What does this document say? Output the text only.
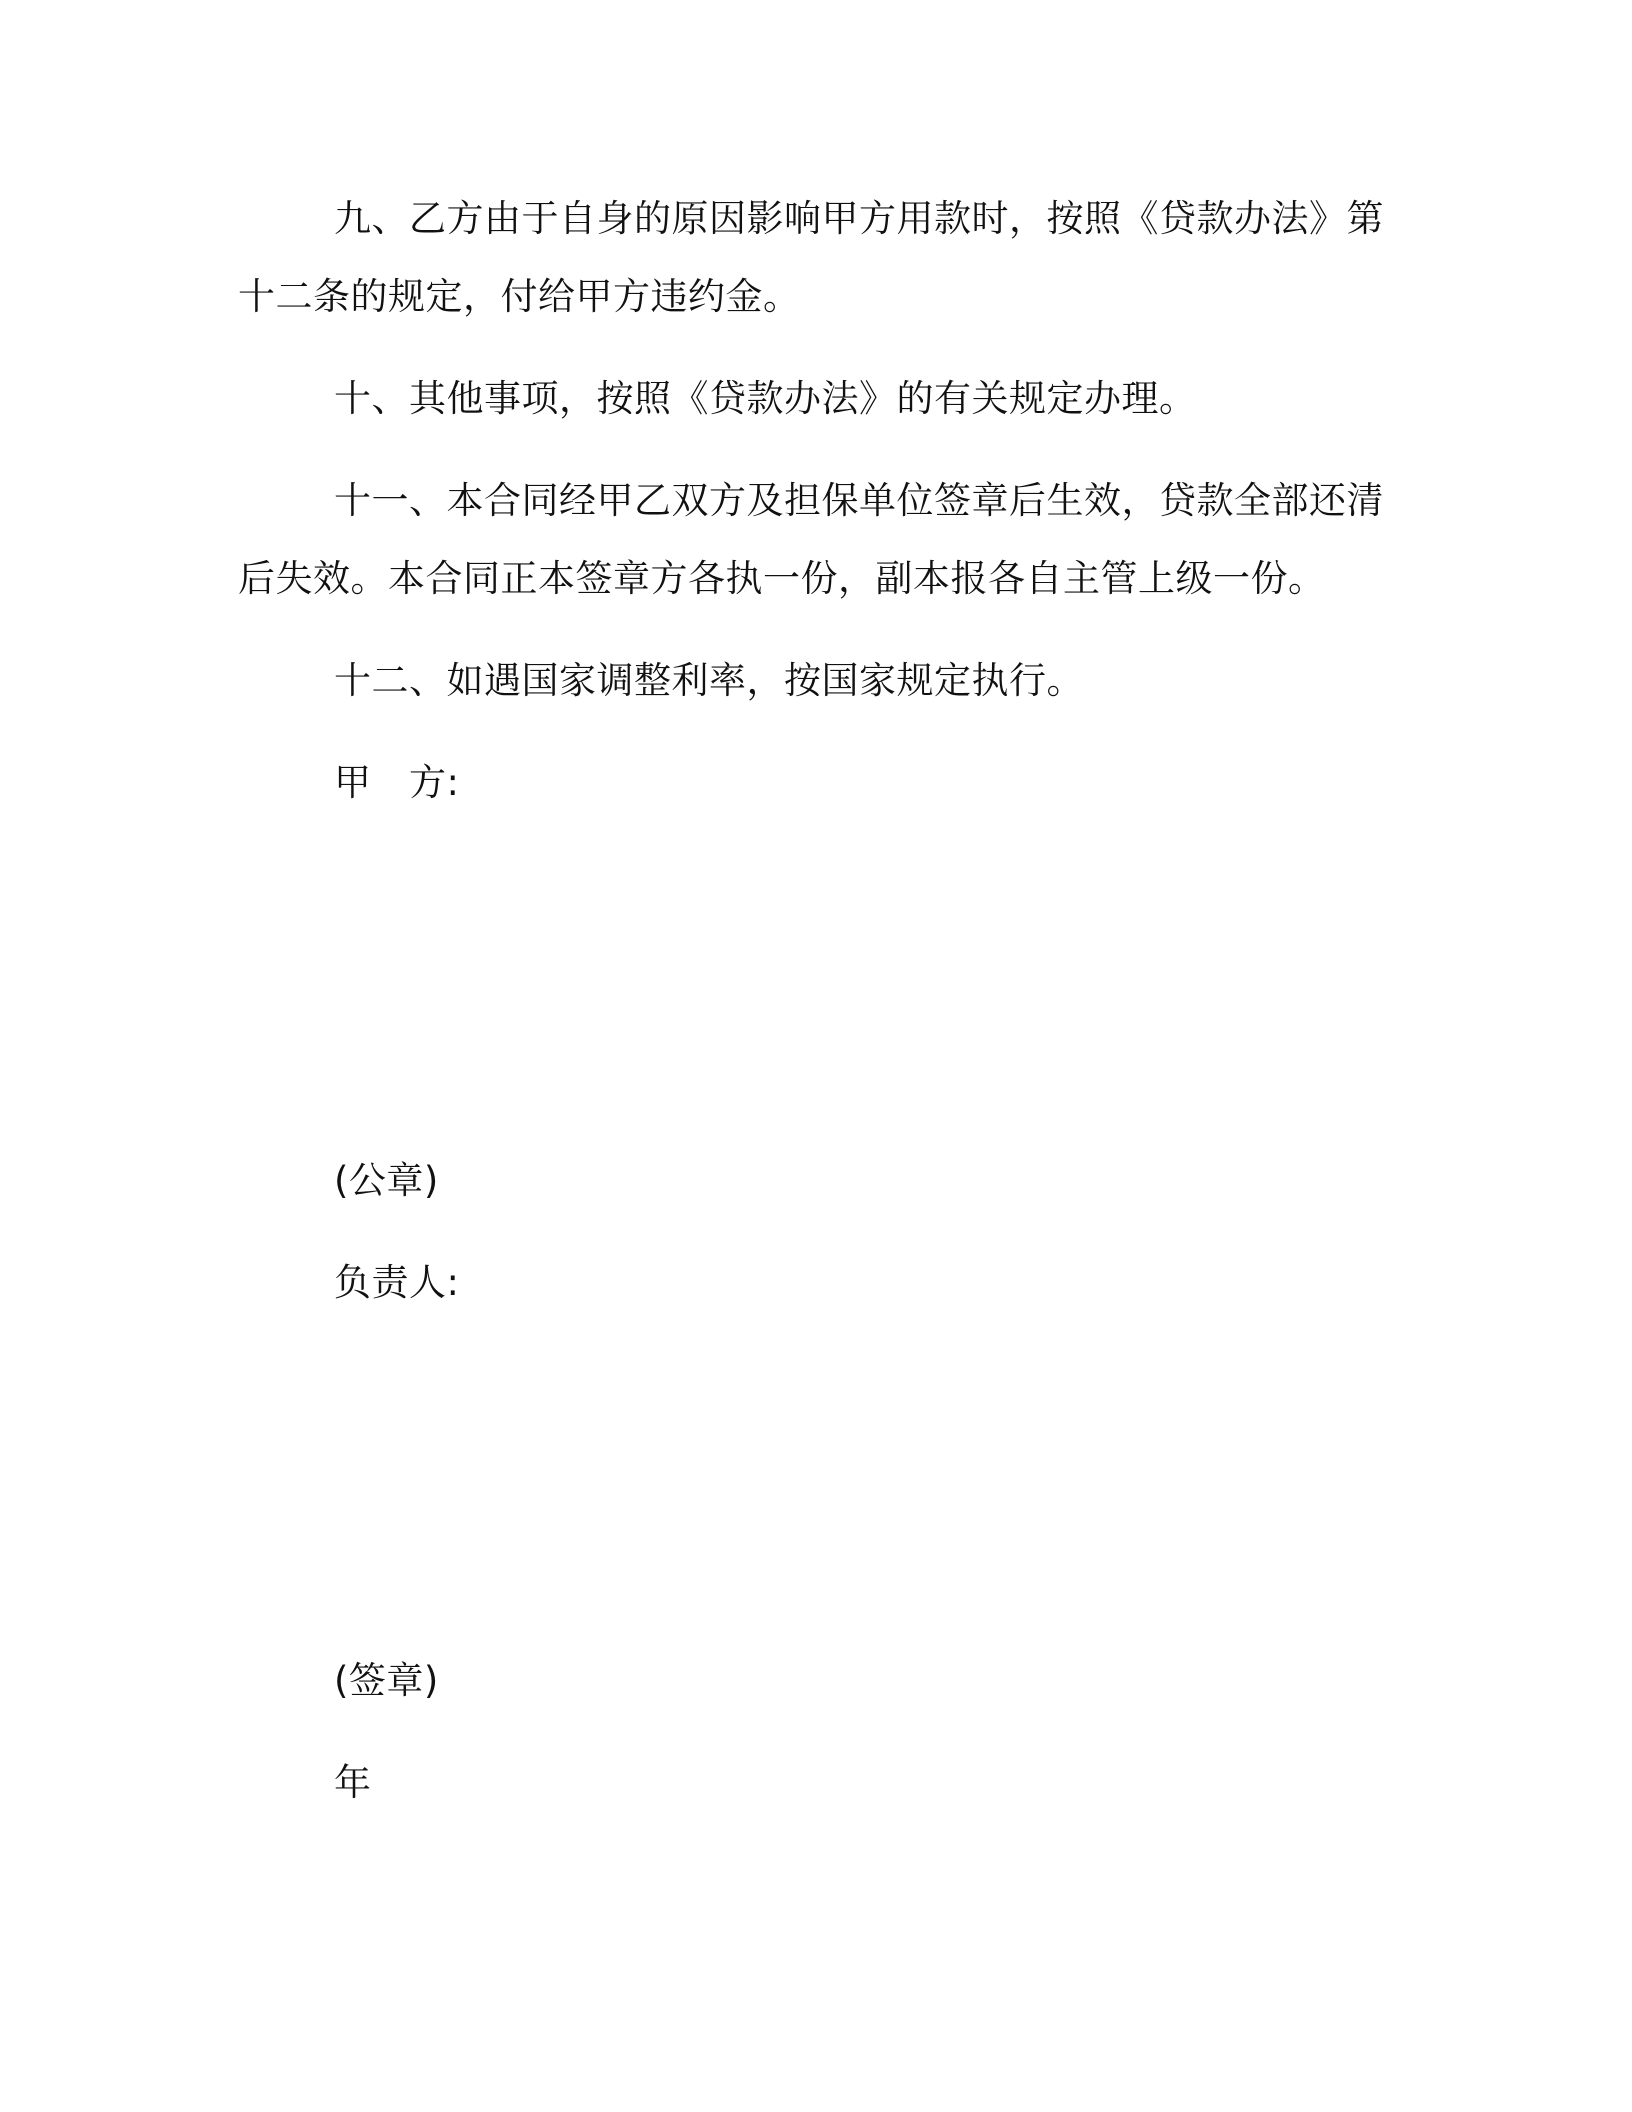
九、乙方由于自身的原因影响甲方用款时，按照《贷款办法》第
十二条的规定，付给甲方违约金。
十、其他事项，按照《贷款办法》的有关规定办理。
十一、本合同经甲乙双方及担保单位签章后生效，贷款全部还清
后失效。本合同正本签章方各执一份，副本报各自主管上级一份。
十二、如遇国家调整利率，按国家规定执行。
甲　方:
(公章)
负责人:
(签章)
年
